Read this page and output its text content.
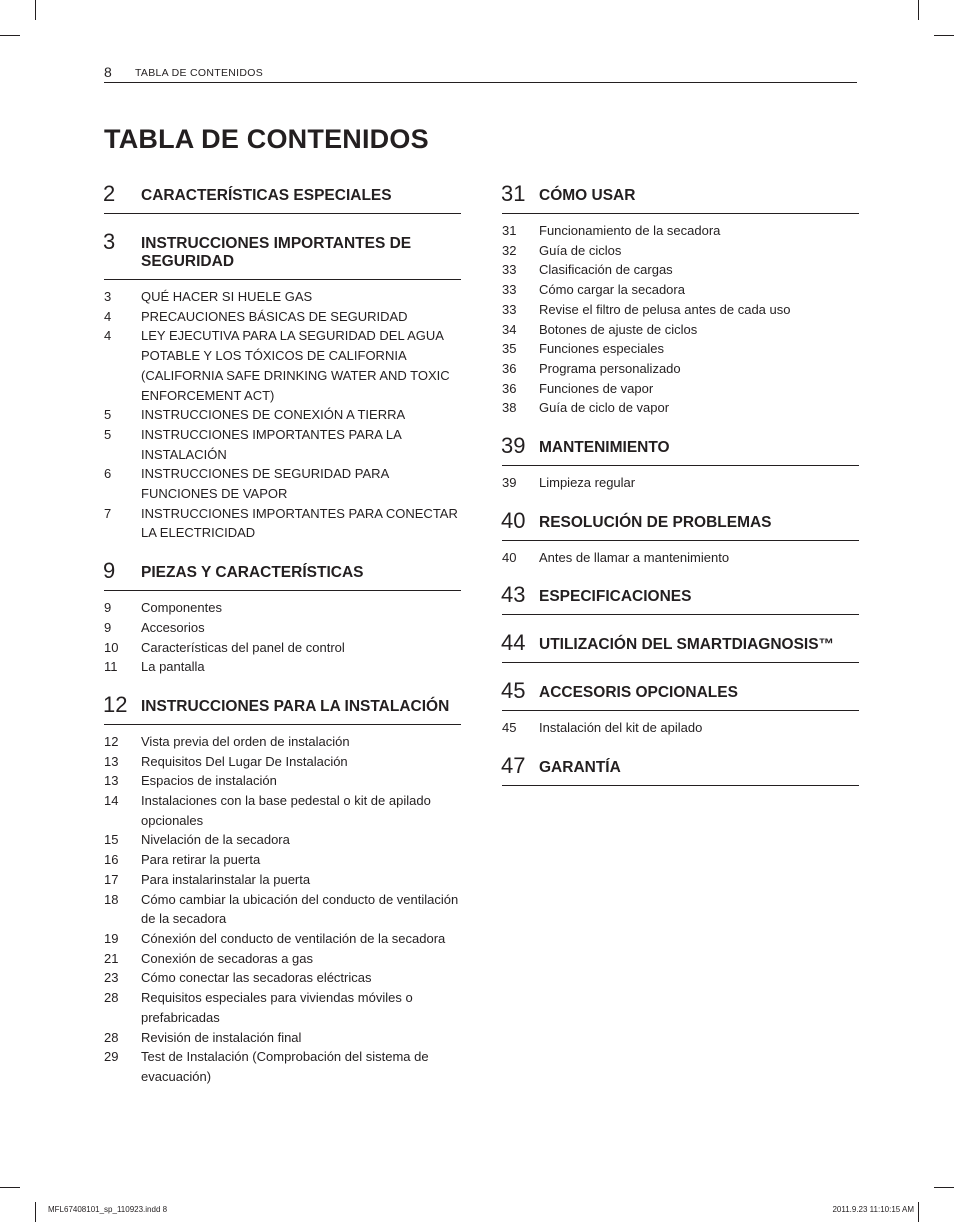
8 TABLA DE CONTENIDOS
TABLA DE CONTENIDOS
2 CARACTERÍSTICAS ESPECIALES
3 INSTRUCCIONES IMPORTANTES DE SEGURIDAD
3 QUÉ HACER SI HUELE GAS
4 PRECAUCIONES BÁSICAS DE SEGURIDAD
4 LEY EJECUTIVA PARA LA SEGURIDAD DEL AGUA POTABLE Y LOS TÓXICOS DE CALIFORNIA (CALIFORNIA SAFE DRINKING WATER AND TOXIC ENFORCEMENT ACT)
5 INSTRUCCIONES DE CONEXIÓN A TIERRA
5 INSTRUCCIONES IMPORTANTES PARA LA INSTALACIÓN
6 INSTRUCCIONES DE SEGURIDAD PARA FUNCIONES DE VAPOR
7 INSTRUCCIONES IMPORTANTES PARA CONECTAR LA ELECTRICIDAD
9 PIEZAS Y CARACTERÍSTICAS
9 Componentes
9 Accesorios
10 Características del panel de control
11 La pantalla
12 INSTRUCCIONES PARA LA INSTALACIÓN
12 Vista previa del orden de instalación
13 Requisitos Del Lugar De Instalación
13 Espacios de instalación
14 Instalaciones con la base pedestal o kit de apilado opcionales
15 Nivelación de la secadora
16 Para retirar la puerta
17 Para instalarinstalar la puerta
18 Cómo cambiar la ubicación del conducto de ventilación de la secadora
19 Cónexión del conducto de ventilación de la secadora
21 Conexión de secadoras a gas
23 Cómo conectar las secadoras eléctricas
28 Requisitos especiales para viviendas móviles o prefabricadas
28 Revisión de instalación final
29 Test de Instalación (Comprobación del sistema de evacuación)
31 CÓMO USAR
31 Funcionamiento de la secadora
32 Guía de ciclos
33 Clasificación de cargas
33 Cómo cargar la secadora
33 Revise el filtro de pelusa antes de cada uso
34 Botones de ajuste de ciclos
35 Funciones especiales
36 Programa personalizado
36 Funciones de vapor
38 Guía de ciclo de vapor
39 MANTENIMIENTO
39 Limpieza regular
40 RESOLUCIÓN DE PROBLEMAS
40 Antes de llamar a mantenimiento
43 ESPECIFICACIONES
44 UTILIZACIÓN DEL SMARTDIAGNOSIS™
45 ACCESORIS OPCIONALES
45 Instalación del kit de apilado
47 GARANTÍA
MFL67408101_sp_110923.indd 8	2011.9.23 11:10:15 AM
